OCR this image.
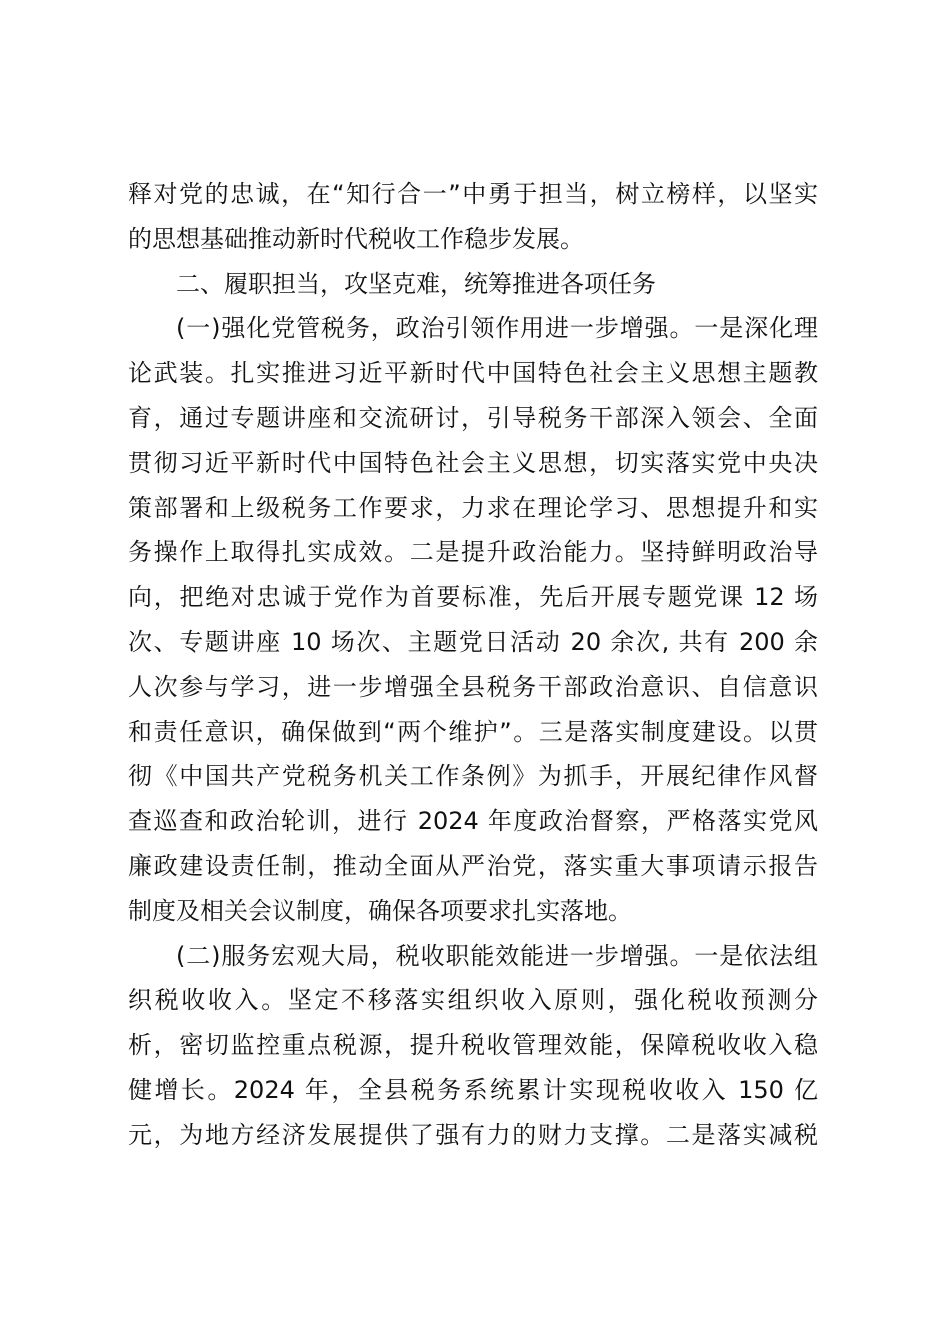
释对党的忠诚，在“知行合一”中勇于担当，树立榜样，以坚实
的思想基础推动新时代税收工作稳步发展。
二、履职担当，攻坚克难，统筹推进各项任务
(一)强化党管税务，政治引领作用进一步增强。一是深化理
论武装。扎实推进习近平新时代中国特色社会主义思想主题教
育，通过专题讲座和交流研讨，引导税务干部深入领会、全面
贯彻习近平新时代中国特色社会主义思想，切实落实党中央决
策部署和上级税务工作要求，力求在理论学习、思想提升和实
务操作上取得扎实成效。二是提升政治能力。坚持鲜明政治导
向，把绝对忠诚于党作为首要标准，先后开展专题党课 12 场
次、专题讲座 10 场次、主题党日活动 20 余次, 共有 200 余
人次参与学习，进一步增强全县税务干部政治意识、自信意识
和责任意识，确保做到“两个维护”。三是落实制度建设。以贯
彻《中国共产党税务机关工作条例》为抓手，开展纪律作风督
查巡查和政治轮训，进行 2024 年度政治督察，严格落实党风
廉政建设责任制，推动全面从严治党，落实重大事项请示报告
制度及相关会议制度，确保各项要求扎实落地。
(二)服务宏观大局，税收职能效能进一步增强。一是依法组
织税收收入。坚定不移落实组织收入原则，强化税收预测分
析，密切监控重点税源，提升税收管理效能，保障税收收入稳
健增长。2024 年，全县税务系统累计实现税收收入 150 亿
元，为地方经济发展提供了强有力的财力支撑。二是落实减税
